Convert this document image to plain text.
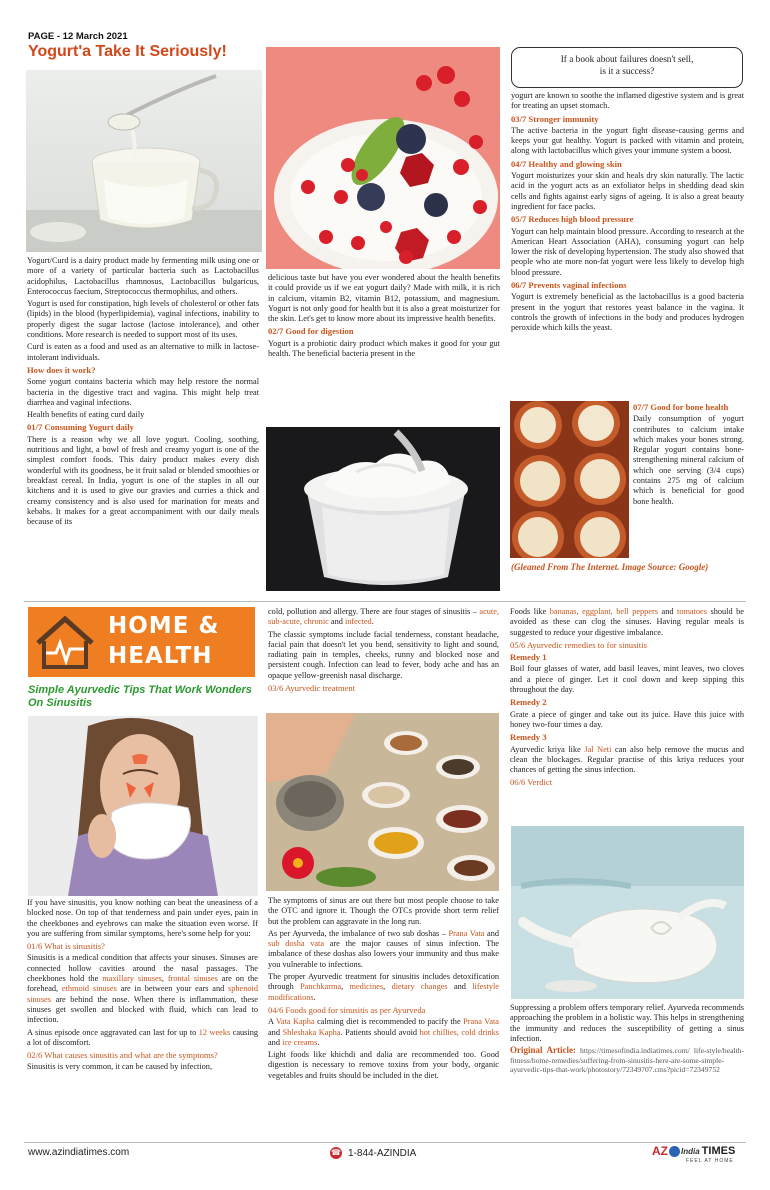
PAGE - 12 March 2021
Yogurt'a Take It Seriously!	If a book about failures doesn't sell,
is it a success?

Yogurt/Curd is a dairy product made by fermenting milk using one or more of a variety of particular bacteria such as Lactobacillus acidophilus, Lactobacillus rhamnosus, Lactobacillus bulgaricus, Enterococcus faecium, Streptococcus thermophilus, and others.

Yogurt is used for constipation, high levels of cholesterol or other fats (lipids) in the blood (hyperlipidemia), vaginal infections, inability to properly digest the sugar lactose (lactose intolerance), and other conditions. More research is needed to support most of its uses.

Curd is eaten as a food and used as an alternative to milk in lactose-intolerant individuals.

How does it work?

Some yogurt contains bacteria which may help restore the normal bacteria in the digestive tract and vagina. This might help treat diarrhea and vaginal infections.

Health benefits of eating curd daily

01/7 Consuming Yogurt daily

There is a reason why we all love yogurt. Cooling, soothing, nutritious and light, a bowl of fresh and creamy yogurt is one of the simplest comfort foods. This dairy product makes every dish wonderful with its goodness, be it fruit salad or blended smoothies or breakfast cereal. In India, yogurt is one of the staples in all our kitchens and it is used to give our gravies and curries a thick and creamy consistency and is also used for marination for meats and kebabs. It makes for a great accompaniment with our daily meals because of its

delicious taste but have you ever wondered about the health benefits it could provide us if we eat yogurt daily? Made with milk, it is rich in calcium, vitamin B2, vitamin B12, potassium, and magnesium. Yogurt is not only good for health but it is also a great moisturizer for the skin. Let's get to know more about its impressive health benefits.

02/7 Good for digestion

Yogurt is a probiotic dairy product which makes it good for your gut health. The beneficial bacteria present in the

yogurt are known to soothe the inflamed digestive system and is great for treating an upset stomach.

03/7 Stronger immunity

The active bacteria in the yogurt fight disease-causing germs and keeps your gut healthy. Yogurt is packed with vitamin and protein, along with lactobacillus which gives your immune system a boost.

04/7 Healthy and glowing skin

Yogurt moisturizes your skin and heals dry skin naturally. The lactic acid in the yogurt acts as an exfoliator helps in shedding dead skin cells and fights against early signs of ageing. It is also a great beauty ingredient for face packs.

05/7 Reduces high blood pressure

Yogurt can help maintain blood pressure. According to research at the American Heart Association (AHA), consuming yogurt can help lower the risk of developing hypertension. The study also showed that people who ate more non-fat yogurt were less likely to develop high blood pressure.

06/7 Prevents vaginal infections

Yogurt is extremely beneficial as the lactobacillus is a good bacteria present in the yogurt that restores yeast balance in the vagina. It controls the growth of infections in the body and produces hydrogen peroxide which kills the yeast.

07/7 Good for bone health

Daily consumption of yogurt contributes to calcium intake which makes your bones strong. Regular yogurt contains bone-strengthening mineral calcium of which one serving (3/4 cups) contains 275 mg of calcium which is beneficial for good bone health.

(Gleaned From The Internet. Image Source: Google)
HOME &
HEALTH
Simple Ayurvedic Tips That Work Wonders On Sinusitis

If you have sinusitis, you know nothing can beat the uneasiness of a blocked nose. On top of that tenderness and pain under eyes, pain in the cheekbones and eyebrows can make the situation even worse. If you are suffering from similar symptoms, here's some help for you:

01/6 What is sinusitis?

Sinusitis is a medical condition that affects your sinuses. Sinuses are connected hollow cavities around the nasal passages. The cheekbones hold the maxillary sinuses, frontal sinuses are on the forehead, ethmoid sinuses are in between your ears and sphenoid sinuses are behind the nose. When there is inflammation, these sinuses get swollen and blocked with fluid, which can lead to infection.

A sinus episode once aggravated can last for up to 12 weeks causing a lot of discomfort.

02/6 What causes sinusitis and what are the symptoms?

Sinusitis is very common, it can be caused by infection,

cold, pollution and allergy. There are four stages of sinusitis – acute, sub-acute, chronic and infected.

The classic symptoms include facial tenderness, constant headache, facial pain that doesn't let you bend, sensitivity to light and sound, radiating pain in temples, cheeks, runny and blocked nose and persistent cough. Infection can lead to fever, body ache and has an opaque yellow-greenish nasal discharge.

03/6 Ayurvedic treatment

The symptoms of sinus are out there but most people choose to take the OTC and ignore it. Though the OTCs provide short term relief but the problem can aggravate in the long run.

As per Ayurveda, the imbalance of two sub doshas – Prana Vata and sub dosha vata are the major causes of sinus infection. The imbalance of these doshas also lowers your immunity and thus make you vulnerable to infections.

The proper Ayurvedic treatment for sinusitis includes detoxification through Panchkarma, medicines, dietary changes and lifestyle modifications.

04/6 Foods good for sinusitis as per Ayurveda

A Vata Kapha calming diet is recommended to pacify the Prana Vata and Shleshaka Kapha. Patients should avoid hot chillies, cold drinks and ice creams.

Light foods like khichdi and dalia are recommended too. Good digestion is necessary to remove toxins from your body, organic vegetables and fruits should be included in the diet.

Foods like bananas, eggplant, bell peppers and tomatoes should be avoided as these can clog the sinuses. Having regular meals is suggested to reduce your digestive imbalance.

05/6 Ayurvedic remedies to for sinusitis

Remedy 1

Boil four glasses of water, add basil leaves, mint leaves, two cloves and a piece of ginger. Let it cool down and keep sipping this throughout the day.

Remedy 2

Grate a piece of ginger and take out its juice. Have this juice with honey two-four times a day.

Remedy 3

Ayurvedic kriya like Jal Neti can also help remove the mucus and clean the blockages. Regular practise of this kriya reduces your chances of getting the sinus infection.

06/6 Verdict

Suppressing a problem offers temporary relief. Ayurveda recommends approaching the problem in a holistic way. This helps in strengthening the immunity and reduces the susceptibility of getting a sinus infection.

Original Article: https://timesofindia.indiatimes.com/ life-style/health-fitness/home-remedies/suffering-from-sinusitis-here-are-some-simple-ayurvedic-tips-that-work/photostory/72349707.cms?picid=72349752

www.azindiatimes.com	☎ 1-844-AZINDIA	AZ India TIMES
FEEL AT HOME
